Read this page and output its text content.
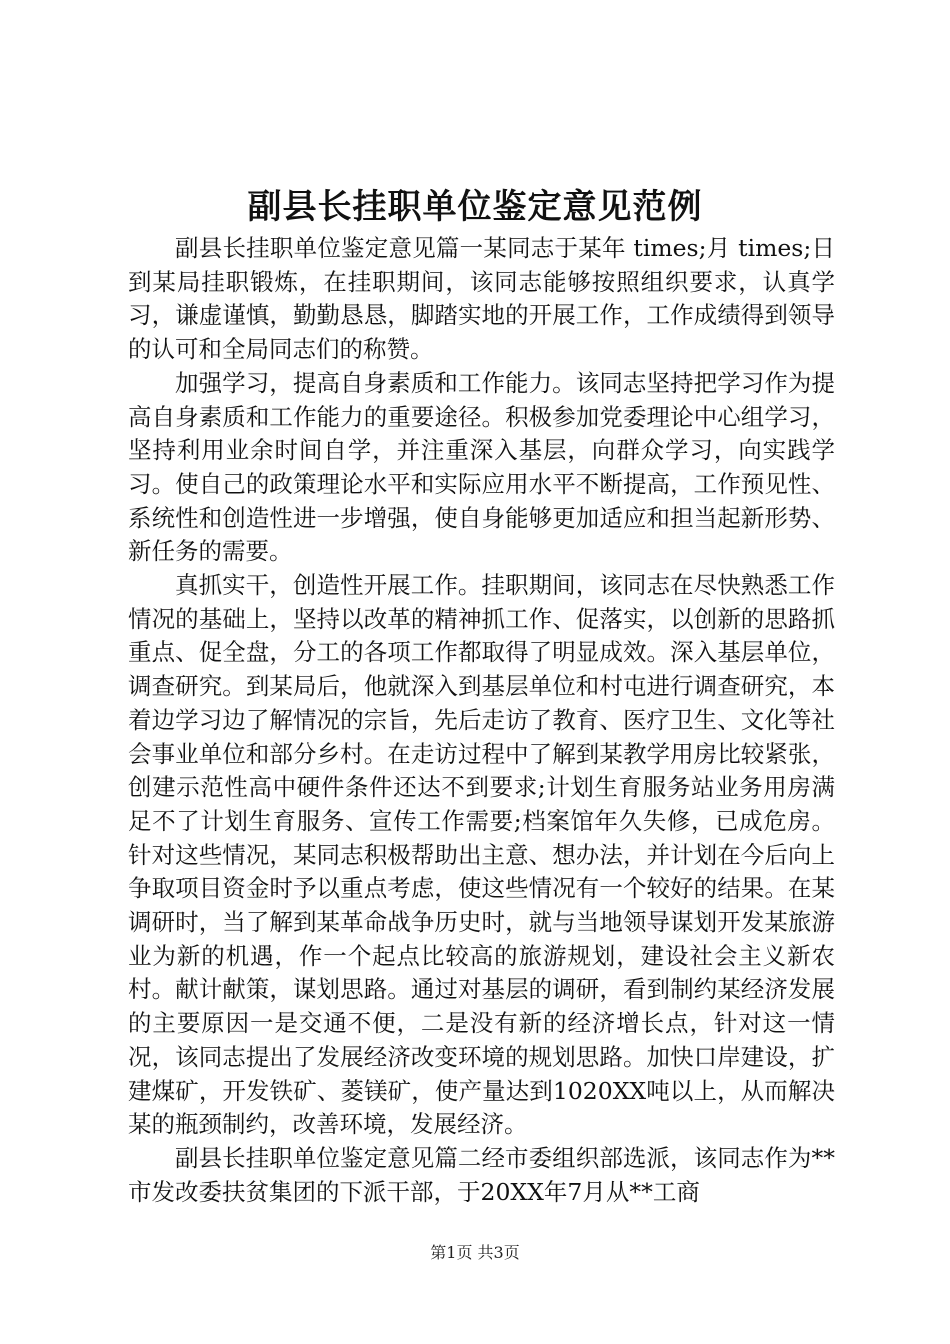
副县长挂职单位鉴定意见范例

副县长挂职单位鉴定意见篇一某同志于某年 times;月 times;日到某局挂职锻炼，在挂职期间，该同志能够按照组织要求，认真学习，谦虚谨慎，勤勤恳恳，脚踏实地的开展工作，工作成绩得到领导的认可和全局同志们的称赞。

加强学习，提高自身素质和工作能力。该同志坚持把学习作为提高自身素质和工作能力的重要途径。积极参加党委理论中心组学习，坚持利用业余时间自学，并注重深入基层，向群众学习，向实践学习。使自己的政策理论水平和实际应用水平不断提高，工作预见性、系统性和创造性进一步增强，使自身能够更加适应和担当起新形势、新任务的需要。

真抓实干，创造性开展工作。挂职期间，该同志在尽快熟悉工作情况的基础上，坚持以改革的精神抓工作、促落实，以创新的思路抓重点、促全盘，分工的各项工作都取得了明显成效。深入基层单位，调查研究。到某局后，他就深入到基层单位和村屯进行调查研究，本着边学习边了解情况的宗旨，先后走访了教育、医疗卫生、文化等社会事业单位和部分乡村。在走访过程中了解到某教学用房比较紧张，创建示范性高中硬件条件还达不到要求;计划生育服务站业务用房满足不了计划生育服务、宣传工作需要;档案馆年久失修，已成危房。针对这些情况，某同志积极帮助出主意、想办法，并计划在今后向上争取项目资金时予以重点考虑，使这些情况有一个较好的结果。在某调研时，当了解到某革命战争历史时，就与当地领导谋划开发某旅游业为新的机遇，作一个起点比较高的旅游规划，建设社会主义新农村。献计献策，谋划思路。通过对基层的调研，看到制约某经济发展的主要原因一是交通不便，二是没有新的经济增长点，针对这一情况，该同志提出了发展经济改变环境的规划思路。加快口岸建设，扩建煤矿，开发铁矿、菱镁矿，使产量达到1020XX吨以上，从而解决某的瓶颈制约，改善环境，发展经济。

副县长挂职单位鉴定意见篇二经市委组织部选派，该同志作为**市发改委扶贫集团的下派干部，于20XX年7月从**工商

第1页 共3页
